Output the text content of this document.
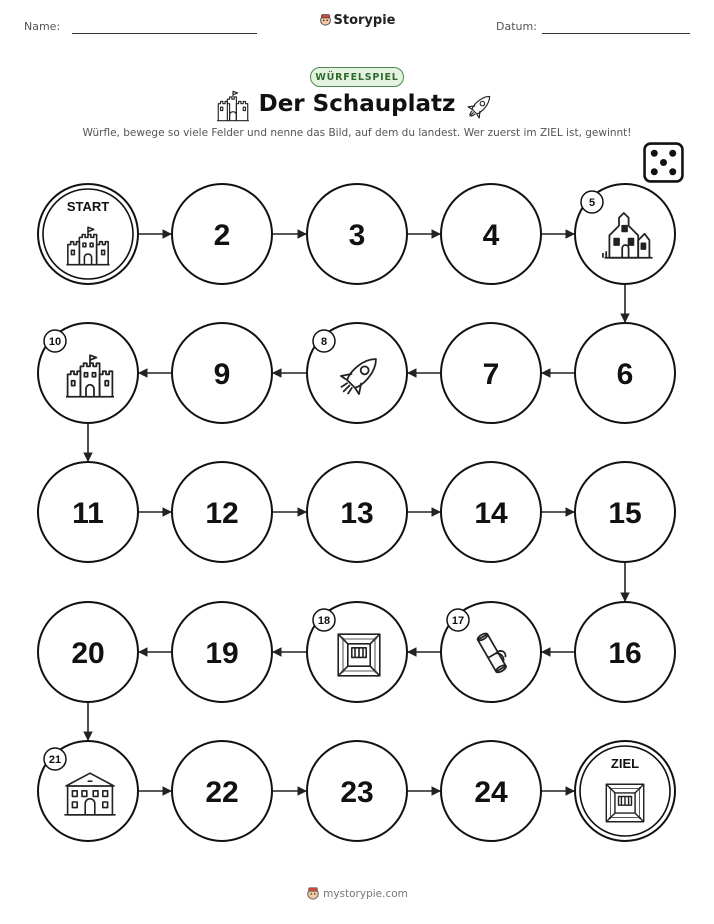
Name:	Storypie	Datum:
WÜRFELSPIEL
Der Schauplatz
Würfle, bewege so viele Felder und nenne das Bild, auf dem du landest. Wer zuerst im ZIEL ist, gewinnt!
START
2	3	4
5
6
7
8
9
10
11	12	13	14	15
16
17
18
19
20
21
22	23	24
ZIEL
mystorypie.com
